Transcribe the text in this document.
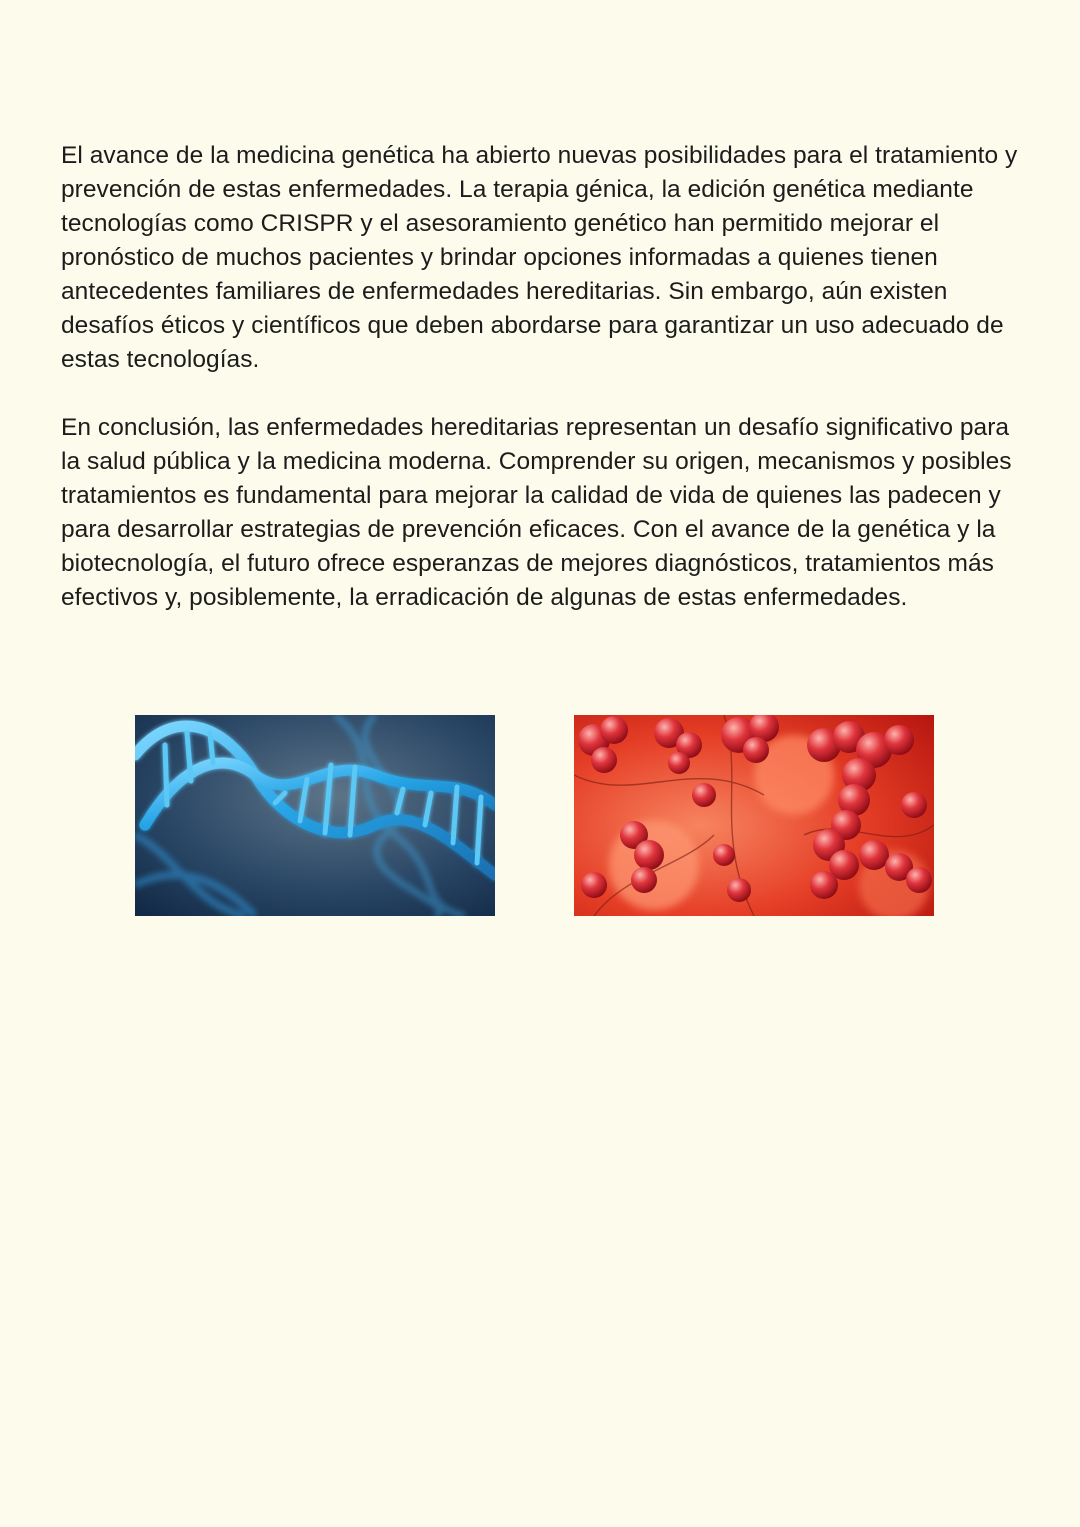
El avance de la medicina genética ha abierto nuevas posibilidades para el tratamiento y prevención de estas enfermedades. La terapia génica, la edición genética mediante tecnologías como CRISPR y el asesoramiento genético han permitido mejorar el pronóstico de muchos pacientes y brindar opciones informadas a quienes tienen antecedentes familiares de enfermedades hereditarias. Sin embargo, aún existen desafíos éticos y científicos que deben abordarse para garantizar un uso adecuado de estas tecnologías.

En conclusión, las enfermedades hereditarias representan un desafío significativo para la salud pública y la medicina moderna. Comprender su origen, mecanismos y posibles tratamientos es fundamental para mejorar la calidad de vida de quienes las padecen y para desarrollar estrategias de prevención eficaces. Con el avance de la genética y la biotecnología, el futuro ofrece esperanzas de mejores diagnósticos, tratamientos más efectivos y, posiblemente, la erradicación de algunas de estas enfermedades.
